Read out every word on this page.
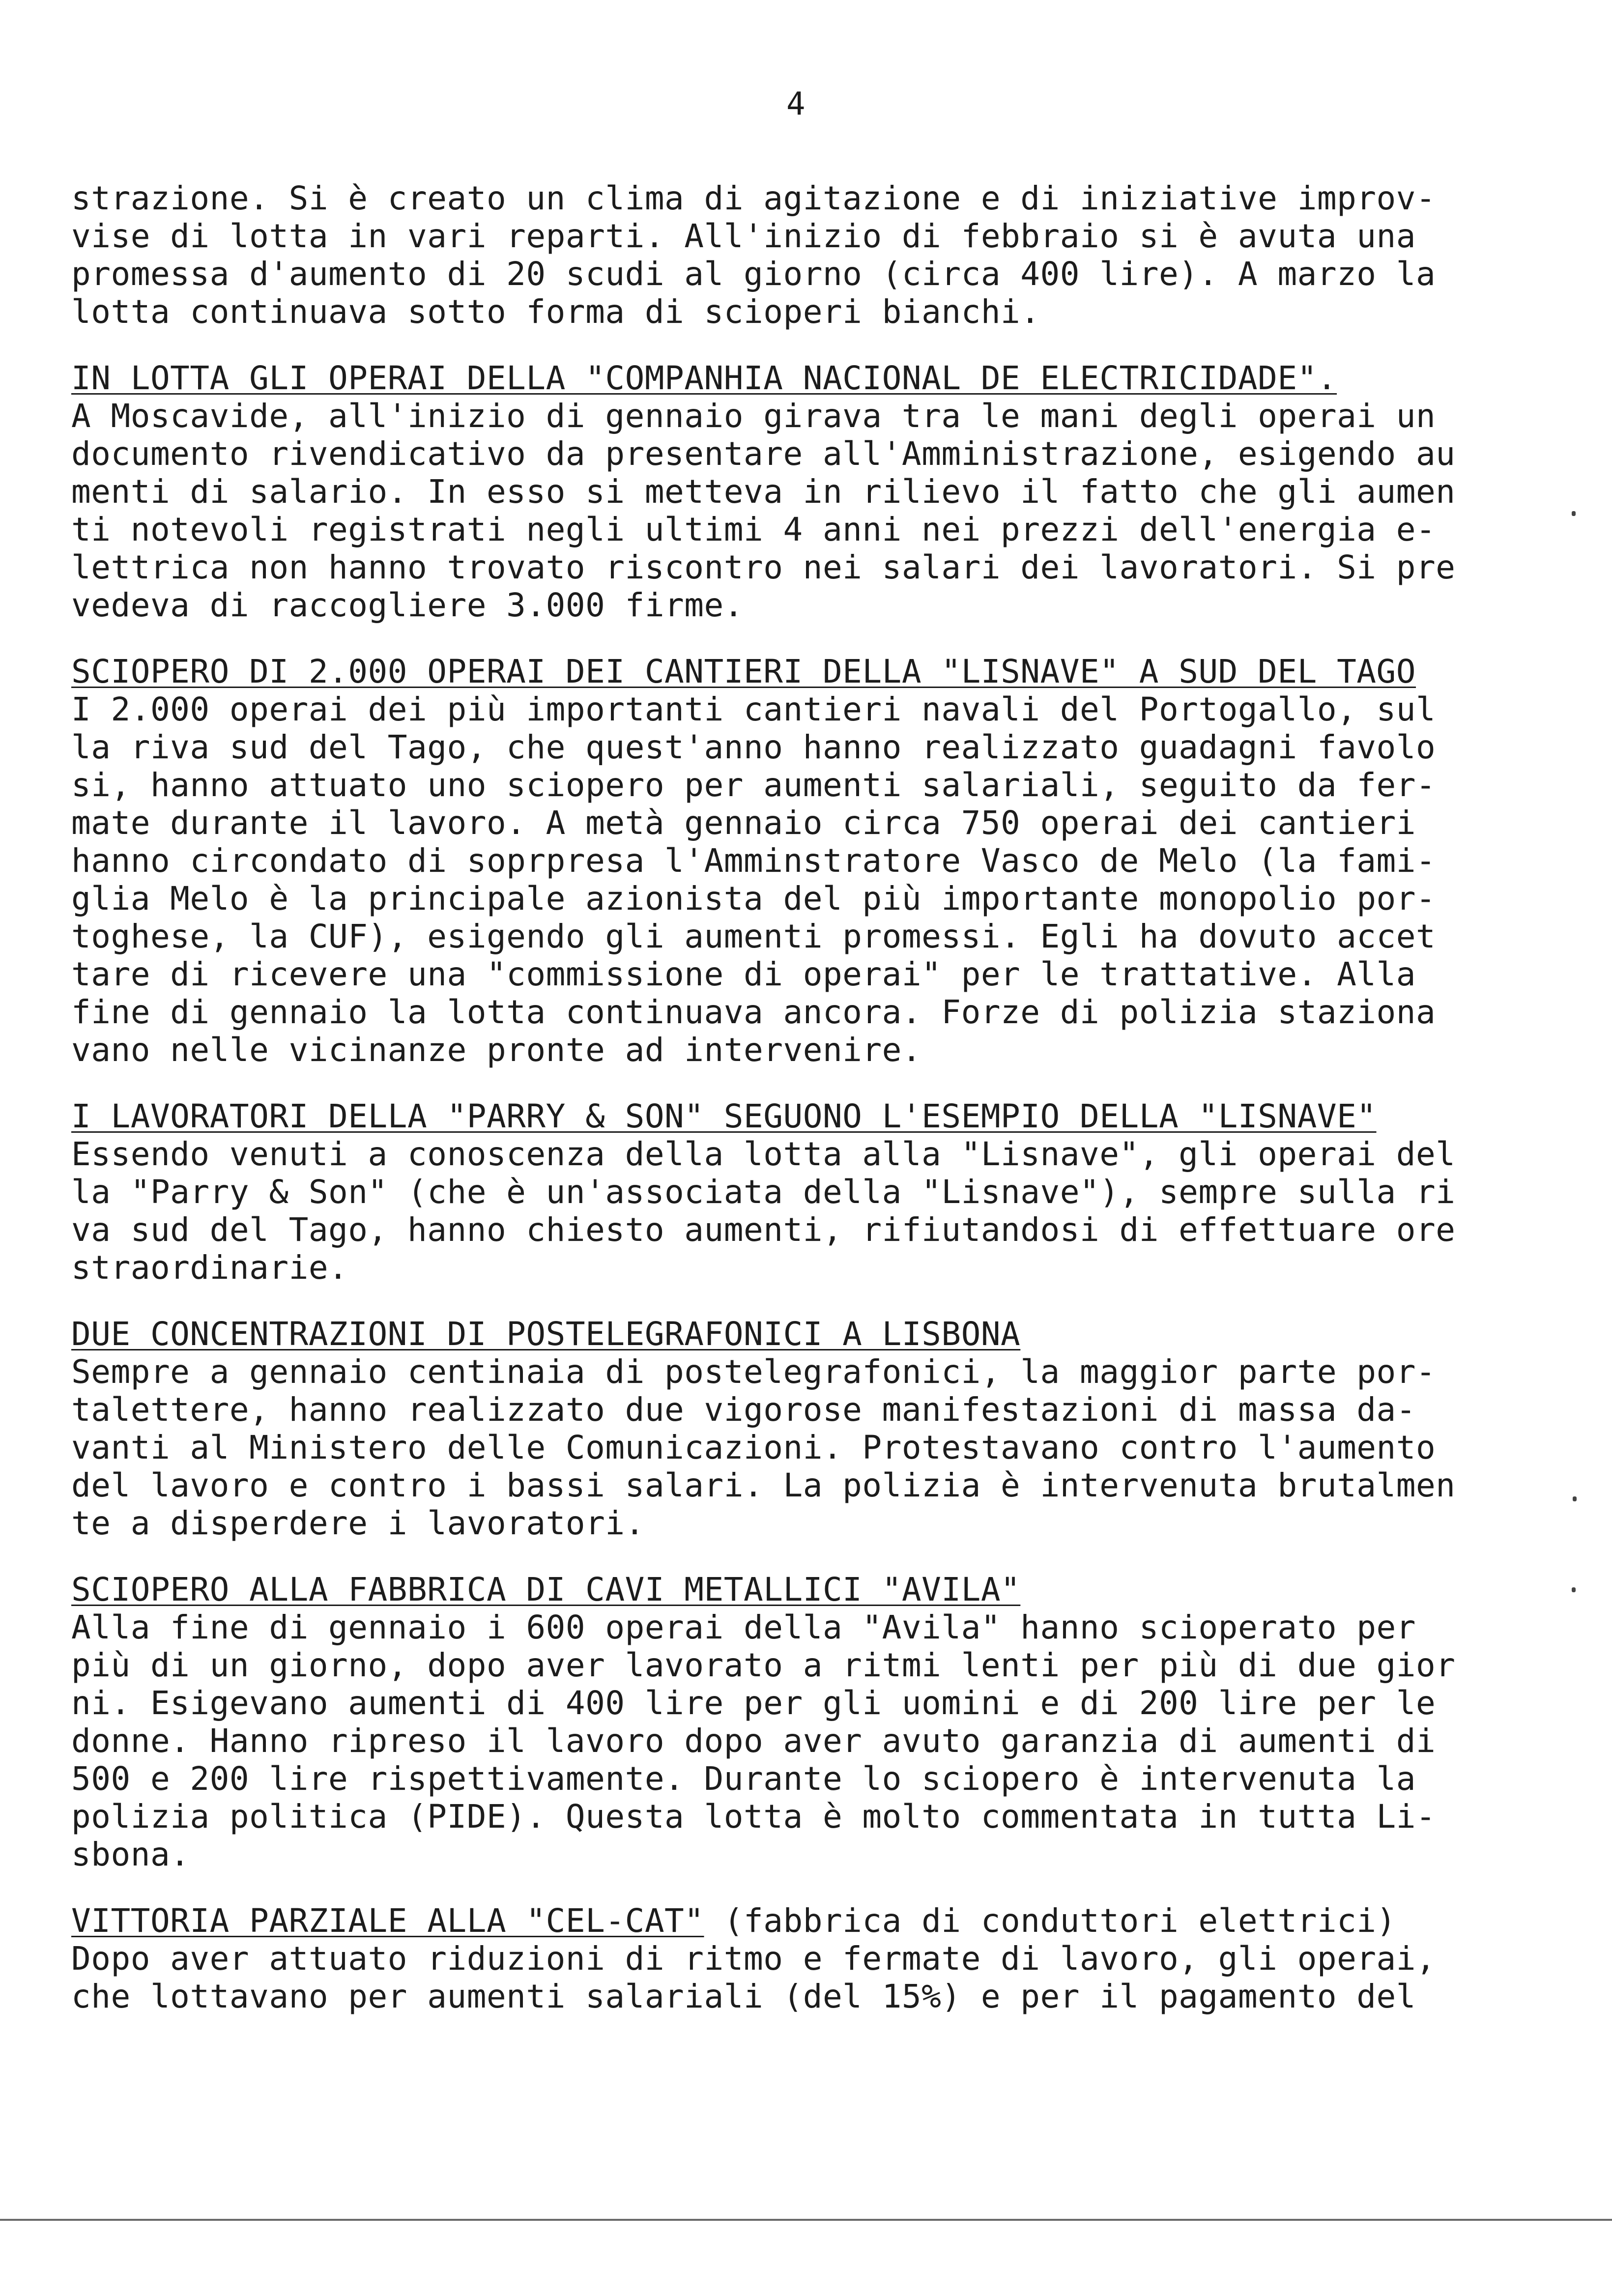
4
strazione. Si è creato un clima di agitazione e di iniziative improv-
vise di lotta in vari reparti. All'inizio di febbraio si è avuta una
promessa d'aumento di 20 scudi al giorno (circa 400 lire). A marzo la
lotta continuava sotto forma di scioperi bianchi.
IN LOTTA GLI OPERAI DELLA "COMPANHIA NACIONAL DE ELECTRICIDADE".
A Moscavide, all'inizio di gennaio girava tra le mani degli operai un
documento rivendicativo da presentare all'Amministrazione, esigendo au
menti di salario. In esso si metteva in rilievo il fatto che gli aumen
ti notevoli registrati negli ultimi 4 anni nei prezzi dell'energia e-
lettrica non hanno trovato riscontro nei salari dei lavoratori. Si pre
vedeva di raccogliere 3.000 firme.
SCIOPERO DI 2.000 OPERAI DEI CANTIERI DELLA "LISNAVE" A SUD DEL TAGO
I 2.000 operai dei più importanti cantieri navali del Portogallo, sul
la riva sud del Tago, che quest'anno hanno realizzato guadagni favolo
si, hanno attuato uno sciopero per aumenti salariali, seguito da fer-
mate durante il lavoro. A metà gennaio circa 750 operai dei cantieri
hanno circondato di soprpresa l'Amminstratore Vasco de Melo (la fami-
glia Melo è la principale azionista del più importante monopolio por-
toghese, la CUF), esigendo gli aumenti promessi. Egli ha dovuto accet
tare di ricevere una "commissione di operai" per le trattative. Alla
fine di gennaio la lotta continuava ancora. Forze di polizia staziona
vano nelle vicinanze pronte ad intervenire.
I LAVORATORI DELLA "PARRY & SON" SEGUONO L'ESEMPIO DELLA "LISNAVE"
Essendo venuti a conoscenza della lotta alla "Lisnave", gli operai del
la "Parry & Son" (che è un'associata della "Lisnave"), sempre sulla ri
va sud del Tago, hanno chiesto aumenti, rifiutandosi di effettuare ore
straordinarie.
DUE CONCENTRAZIONI DI POSTELEGRAFONICI A LISBONA
Sempre a gennaio centinaia di postelegrafonici, la maggior parte por-
talettere, hanno realizzato due vigorose manifestazioni di massa da-
vanti al Ministero delle Comunicazioni. Protestavano contro l'aumento
del lavoro e contro i bassi salari. La polizia è intervenuta brutalmen
te a disperdere i lavoratori.
SCIOPERO ALLA FABBRICA DI CAVI METALLICI "AVILA"
Alla fine di gennaio i 600 operai della "Avila" hanno scioperato per
più di un giorno, dopo aver lavorato a ritmi lenti per più di due gior
ni. Esigevano aumenti di 400 lire per gli uomini e di 200 lire per le
donne. Hanno ripreso il lavoro dopo aver avuto garanzia di aumenti di
500 e 200 lire rispettivamente. Durante lo sciopero è intervenuta la
polizia politica (PIDE). Questa lotta è molto commentata in tutta Li-
sbona.
VITTORIA PARZIALE ALLA "CEL-CAT" (fabbrica di conduttori elettrici)
Dopo aver attuato riduzioni di ritmo e fermate di lavoro, gli operai,
che lottavano per aumenti salariali (del 15%) e per il pagamento del
